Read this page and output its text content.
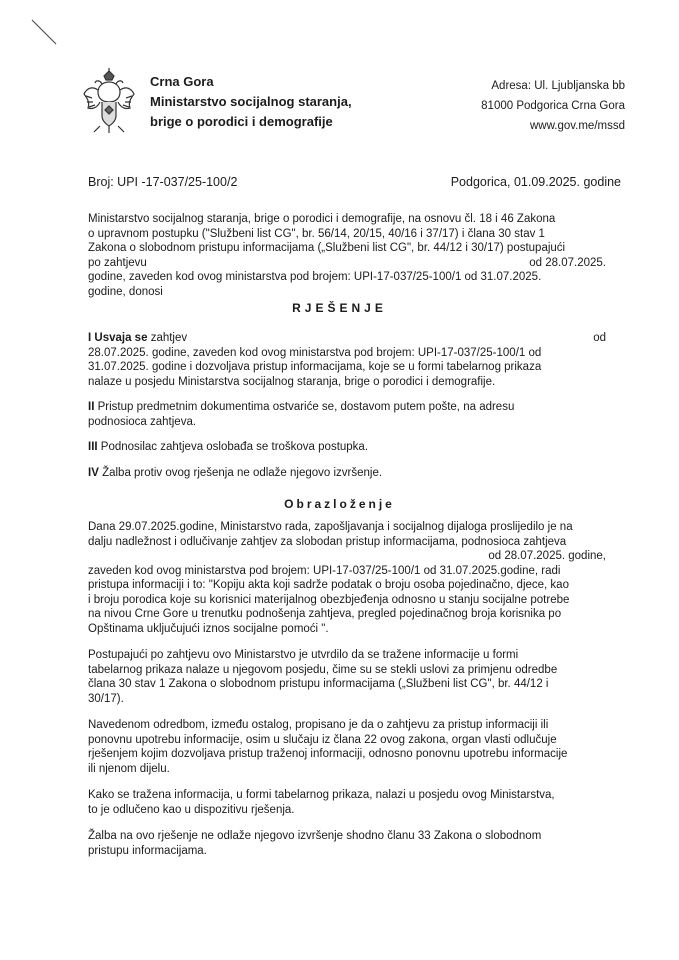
Crna Gora
Ministarstvo socijalnog staranja,
brige o porodici i demografije
Adresa: Ul. Ljubljanska bb
81000 Podgorica Crna Gora
www.gov.me/mssd
Broj: UPI -17-037/25-100/2	Podgorica, 01.09.2025. godine

Ministarstvo socijalnog staranja, brige o porodici i demografije, na osnovu čl. 18 i 46 Zakona

o upravnom postupku ("Službeni list CG", br. 56/14, 20/15, 40/16 i 37/17) i člana 30 stav 1

Zakona o slobodnom pristupu informacijama („Službeni list CG", br. 44/12 i 30/17) postupajući

po zahtjevu	od 28.07.2025.

godine, zaveden kod ovog ministarstva pod brojem: UPI-17-037/25-100/1 od 31.07.2025.

godine, donosi

RJEŠENJE

I Usvaja se zahtjev	od
28.07.2025. godine, zaveden kod ovog ministarstva pod brojem: UPI-17-037/25-100/1 od
31.07.2025. godine i dozvoljava pristup informacijama, koje se u formi tabelarnog prikaza
nalaze u posjedu Ministarstva socijalnog staranja, brige o porodici i demografije.

II Pristup predmetnim dokumentima ostvariće se, dostavom putem pošte, na adresu
podnosioca zahtjeva.

III Podnosilac zahtjeva oslobađa se troškova postupka.

IV Žalba protiv ovog rješenja ne odlaže njegovo izvršenje.

Obrazloženje

Dana 29.07.2025.godine, Ministarstvo rada, zapošljavanja i socijalnog dijaloga proslijedilo je na
dalju nadležnost i odlučivanje zahtjev za slobodan pristup informacijama, podnosioca zahtjeva
od 28.07.2025. godine,
zaveden kod ovog ministarstva pod brojem: UPI-17-037/25-100/1 od 31.07.2025.godine, radi
pristupa informaciji i to: "Kopiju akta koji sadrže podatak o broju osoba pojedinačno, djece, kao
i broju porodica koje su korisnici materijalnog obezbjeđenja odnosno u stanju socijalne potrebe
na nivou Crne Gore u trenutku podnošenja zahtjeva, pregled pojedinačnog broja korisnika po
Opštinama uključujući iznos socijalne pomoći ".

Postupajući po zahtjevu ovo Ministarstvo je utvrdilo da se tražene informacije u formi
tabelarnog prikaza nalaze u njegovom posjedu, čime su se stekli uslovi za primjenu odredbe
člana 30 stav 1 Zakona o slobodnom pristupu informacijama („Službeni list CG", br. 44/12 i
30/17).

Navedenom odredbom, između ostalog, propisano je da o zahtjevu za pristup informaciji ili
ponovnu upotrebu informacije, osim u slučaju iz člana 22 ovog zakona, organ vlasti odlučuje
rješenjem kojim dozvoljava pristup traženoj informaciji, odnosno ponovnu upotrebu informacije
ili njenom dijelu.

Kako se tražena informacija, u formi tabelarnog prikaza, nalazi u posjedu ovog Ministarstva,
to je odlučeno kao u dispozitivu rješenja.

Žalba na ovo rješenje ne odlaže njegovo izvršenje shodno članu 33 Zakona o slobodnom
pristupu informacijama.
